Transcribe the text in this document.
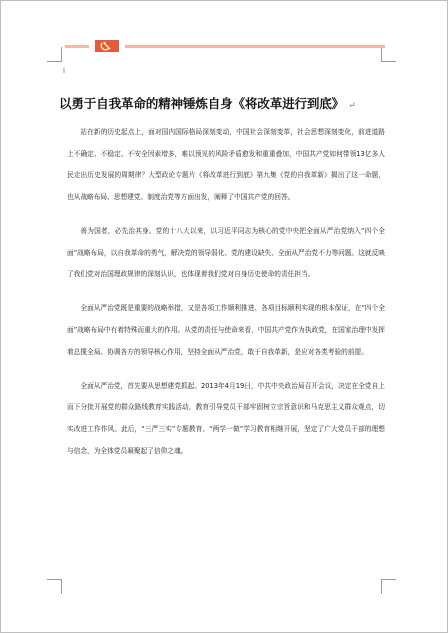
ⅼ
以勇于自我革命的精神锤炼自身《将改革进行到底》 ↵

站在新的历史起点上，面对国内国际格局深刻变动，中国社会深刻变革，社会思想深刻变化，前进道路上不确定、不稳定、不安全因素增多，难以预见的风险矛盾愈发和重重叠加，中国共产党如何带领13亿多人民走出历史发展的周期律？大型政论专题片《将改革进行到底》第九集《党的自我革新》揭出了这一命题，也从战略布局、思想建党、制度治党等方面出发，阐释了中国共产党的回答。

善为国者，必先治其身。党的十八大以来，以习近平同志为核心的党中央把全面从严治党纳入“四个全面”战略布局，以自我革命的勇气，解决党的领导弱化、党的建设缺失、全面从严治党不力等问题。这就反映了我们党对治国理政规律的深刻认识，也体现着我们党对自身历史使命的责任担当。

全面从严治党既是重要的战略举措，又是各项工作顺利推进、各项目标顺利实现的根本保证，在“四个全面”战略布局中有着特殊而重大的作用。从党的责任与使命来看，中国共产党作为执政党，在国家治理中发挥着总揽全局、协调各方的领导核心作用，坚持全面从严治党，敢于自我革新，是应对各类考验的前提。

全面从严治党，首先要从思想建党抓起。2013年4月19日，中共中央政治局召开会议，决定在全党自上而下分批开展党的群众路线教育实践活动，教育引导党员干部牢固树立宗旨意识和马克思主义群众观点，切实改进工作作风。此后，“三严三实”专题教育、“两学一做”学习教育相继开展，坚定了广大党员干部的理想与信念，为全体党员凝聚起了信仰之魂。
